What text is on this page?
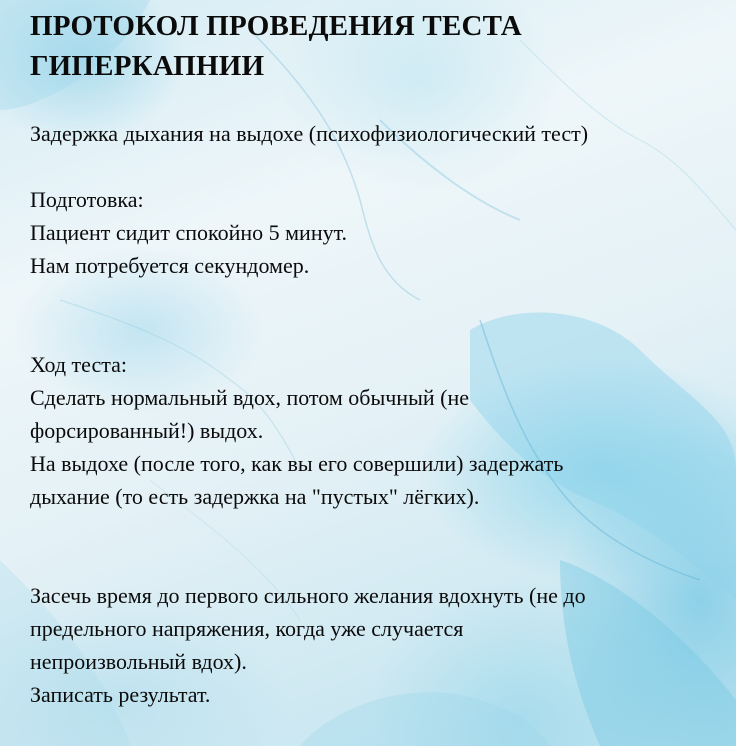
ПРОТОКОЛ ПРОВЕДЕНИЯ ТЕСТА
ГИПЕРКАПНИИ
Задержка дыхания на выдохе (психофизиологический тест)
Подготовка:
Пациент сидит спокойно 5 минут.
Нам потребуется секундомер.
Ход теста:
Сделать нормальный вдох, потом обычный (не
форсированный!) выдох.
На выдохе (после того, как вы его совершили) задержать
дыхание (то есть задержка на "пустых" лёгких).
Засечь время до первого сильного желания вдохнуть (не до
предельного напряжения, когда уже случается
непроизвольный вдох).
Записать результат.
